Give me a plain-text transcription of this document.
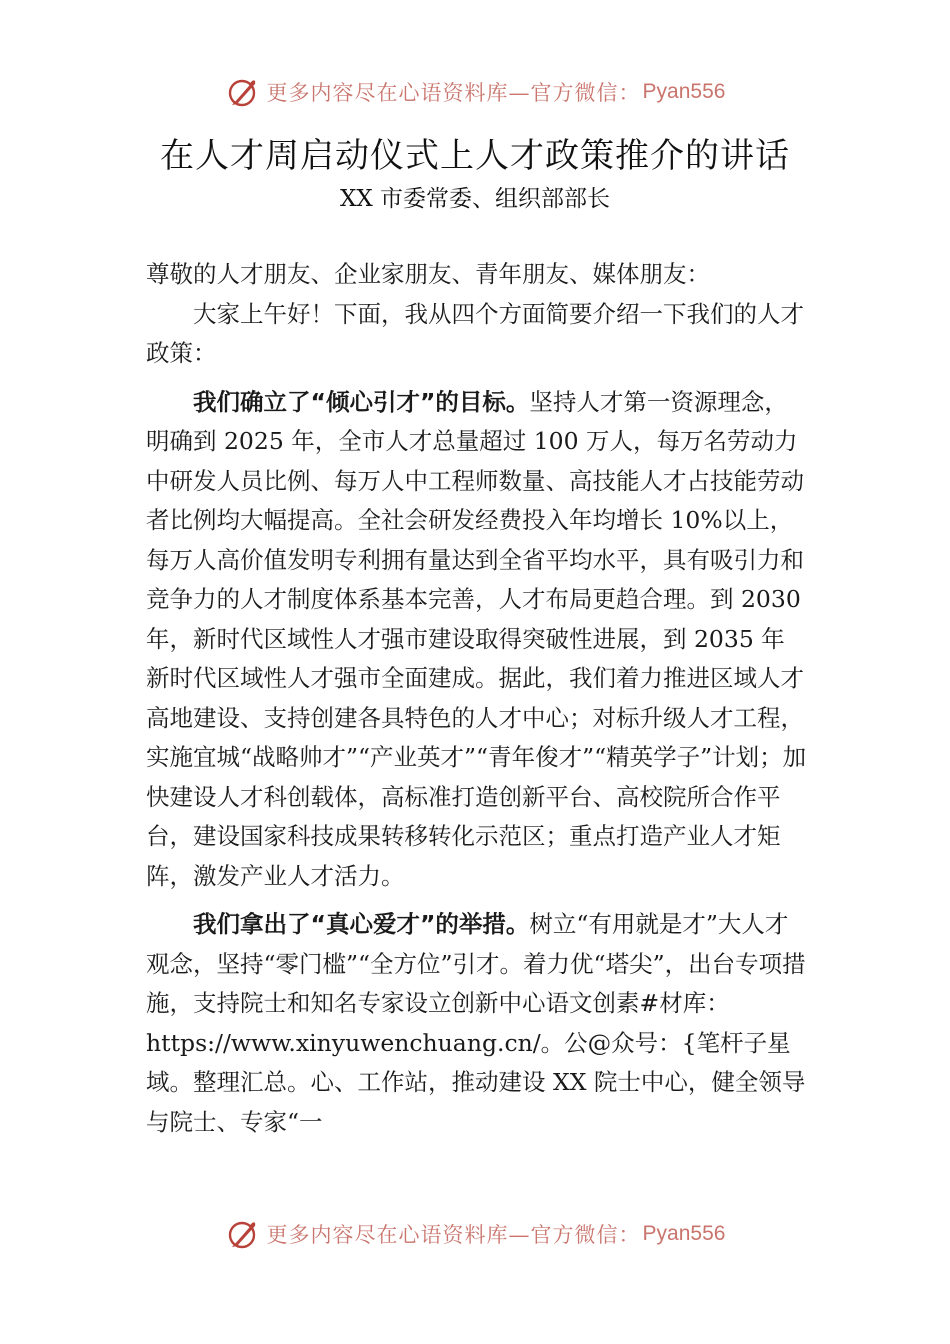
更多内容尽在心语资料库—官方微信： Pyan556
在人才周启动仪式上人才政策推介的讲话
XX 市委常委、组织部部长

尊敬的人才朋友、企业家朋友、青年朋友、媒体朋友：

大家上午好！下面，我从四个方面简要介绍一下我们的人才政策：

我们确立了“倾心引才”的目标。坚持人才第一资源理念，明确到 2025 年，全市人才总量超过 100 万人，每万名劳动力中研发人员比例、每万人中工程师数量、高技能人才占技能劳动者比例均大幅提高。全社会研发经费投入年均增长 10%以上，每万人高价值发明专利拥有量达到全省平均水平，具有吸引力和竞争力的人才制度体系基本完善，人才布局更趋合理。到 2030 年，新时代区域性人才强市建设取得突破性进展，到 2035 年新时代区域性人才强市全面建成。据此，我们着力推进区域人才高地建设、支持创建各具特色的人才中心；对标升级人才工程，实施宜城“战略帅才”“产业英才”“青年俊才”“精英学子”计划；加快建设人才科创载体，高标准打造创新平台、高校院所合作平台，建设国家科技成果转移转化示范区；重点打造产业人才矩阵，激发产业人才活力。

我们拿出了“真心爱才”的举措。树立“有用就是才”大人才观念，坚持“零门槛”“全方位”引才。着力优“塔尖”，出台专项措施，支持院士和知名专家设立创新中心语文创素#材库：https://www.xinyuwenchuang.cn/。公@众号：{笔杆子星域。整理汇总。心、工作站，推动建设 XX 院士中心，健全领导与院士、专家“一

更多内容尽在心语资料库—官方微信： Pyan556
